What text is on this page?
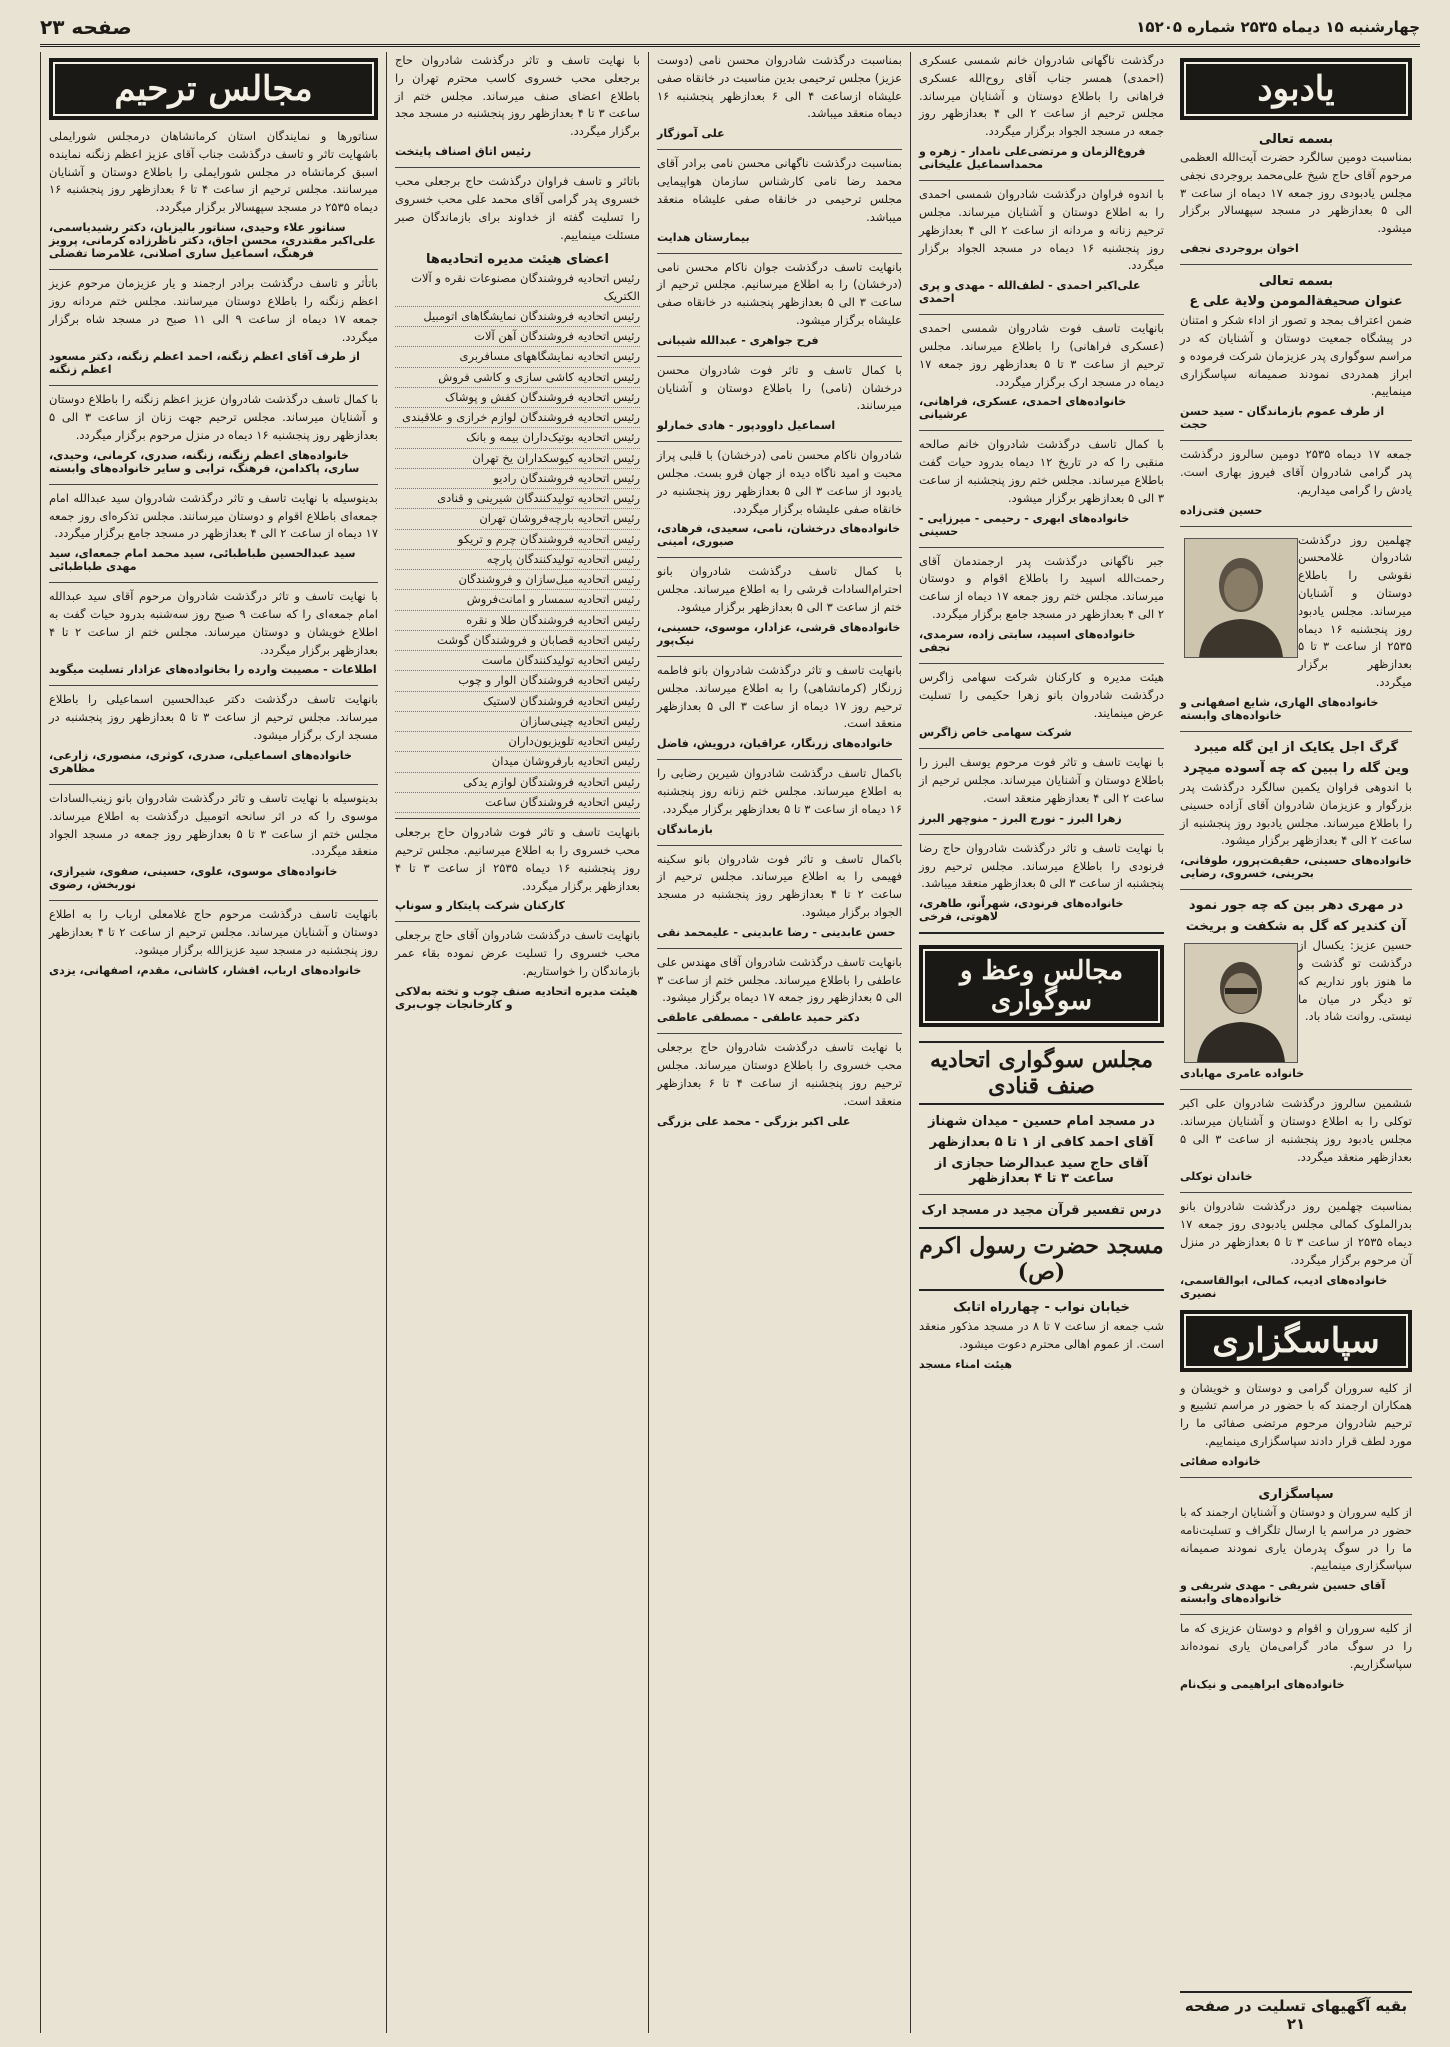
چهارشنبه ۱۵ دیماه ۲۵۳۵ شماره ۱۵۲۰۵
صفحه ۲۳
مجالس ترحیم

سناتورها و نمایندگان استان کرمانشاهان درمجلس شورایملی باشهایت تاثر و تاسف درگذشت جناب آقای عزیز اعظم زنگنه نماینده اسبق کرمانشاه در مجلس شورایملی را باطلاع دوستان و آشنایان میرسانند. مجلس ترحیم از ساعت ۴ تا ۶ بعدازظهر روز پنجشنبه ۱۶ دیماه ۲۵۳۵ در مسجد سپهسالار برگزار میگردد.

سناتور علاء وحیدی، سناتور بالیزبان، دکتر رشیدیاسمی، علی‌اکبر مقتدری، محسن اجاق، دکتر ناظرزاده کرمانی، پرویز فرهنگ، اسماعیل ساری اصلانی، غلامرضا تفضلی

باتأثر و تاسف درگذشت برادر ارجمند و یار عزیزمان مرحوم عزیز اعظم زنگنه را باطلاع دوستان میرسانند. مجلس ختم مردانه روز جمعه ۱۷ دیماه از ساعت ۹ الی ۱۱ صبح در مسجد شاه برگزار میگردد.

از طرف آقای اعظم زنگنه، احمد اعظم زنگنه، دکتر مسعود اعظم زنگنه

با کمال تاسف درگذشت شادروان عزیز اعظم زنگنه را باطلاع دوستان و آشنایان میرساند. مجلس ترحیم جهت زنان از ساعت ۳ الی ۵ بعدازظهر روز پنجشنبه ۱۶ دیماه در منزل مرحوم برگزار میگردد.

خانواده‌های اعظم زنگنه، زنگنه، صدری، کرمانی، وحیدی، ساری، پاکدامن، فرهنگ، ترابی و سایر خانواده‌های وابسته

بدینوسیله با نهایت تاسف و تاثر درگذشت شادروان سید عبدالله امام جمعه‌ای باطلاع اقوام و دوستان میرسانند. مجلس تذکره‌ای روز جمعه ۱۷ دیماه از ساعت ۲ الی ۴ بعدازظهر در مسجد جامع برگزار میگردد.

سید عبدالحسین طباطبائی، سید محمد امام جمعه‌ای، سید مهدی طباطبائی

با نهایت تاسف و تاثر درگذشت شادروان مرحوم آقای سید عبدالله امام جمعه‌ای را که ساعت ۹ صبح روز سه‌شنبه بدرود حیات گفت به اطلاع خویشان و دوستان میرساند. مجلس ختم از ساعت ۲ تا ۴ بعدازظهر برگزار میگردد.

اطلاعات - مصیبت وارده را بخانواده‌های عزادار تسلیت میگوید

بانهایت تاسف درگذشت دکتر عبدالحسین اسماعیلی را باطلاع میرساند. مجلس ترحیم از ساعت ۳ تا ۵ بعدازظهر روز پنجشنبه در مسجد ارک برگزار میشود.

خانواده‌های اسماعیلی، صدری، کوثری، منصوری، زارعی، مظاهری

بدینوسیله با نهایت تاسف و تاثر درگذشت شادروان بانو زینب‌السادات موسوی را که در اثر سانحه اتومبیل درگذشت به اطلاع میرساند. مجلس ختم از ساعت ۳ تا ۵ بعدازظهر روز جمعه در مسجد الجواد منعقد میگردد.

خانواده‌های موسوی، علوی، حسینی، صفوی، شیرازی، نوربخش، رضوی

بانهایت تاسف درگذشت مرحوم حاج غلامعلی ارباب را به اطلاع دوستان و آشنایان میرساند. مجلس ترحیم از ساعت ۲ تا ۴ بعدازظهر روز پنجشنبه در مسجد سید عزیزالله برگزار میشود.

خانواده‌های ارباب، افشار، کاشانی، مقدم، اصفهانی، یزدی

با نهایت تاسف و تاثر درگذشت شادروان حاج برجعلی محب خسروی کاسب محترم تهران را باطلاع اعضای صنف میرساند. مجلس ختم از ساعت ۳ تا ۴ بعدازظهر روز پنجشنبه در مسجد مجد برگزار میگردد.

رئیس اتاق اصناف پایتخت

باتاثر و تاسف فراوان درگذشت حاج برجعلی محب خسروی پدر گرامی آقای محمد علی محب خسروی را تسلیت گفته از خداوند برای بازماندگان صبر مسئلت مینماییم.

اعضای هیئت مدیره اتحادیه‌ها
رئیس اتحادیه فروشندگان مصنوعات نقره و آلات الکتریک
رئیس اتحادیه فروشندگان نمایشگاهای اتومبیل
رئیس اتحادیه فروشندگان آهن آلات
رئیس اتحادیه نمایشگاههای مسافربری
رئیس اتحادیه کاشی سازی و کاشی فروش
رئیس اتحادیه فروشندگان کفش و پوشاک
رئیس اتحادیه فروشندگان لوازم خرازی و علاقبندی
رئیس اتحادیه بوتیک‌داران بیمه و بانک
رئیس اتحادیه کیوسکداران یخ تهران
رئیس اتحادیه فروشندگان رادیو
رئیس اتحادیه تولیدکنندگان شیرینی و قنادی
رئیس اتحادیه بارچه‌فروشان تهران
رئیس اتحادیه فروشندگان چرم و تریکو
رئیس اتحادیه تولیدکنندگان پارچه
رئیس اتحادیه مبل‌سازان و فروشندگان
رئیس اتحادیه سمسار و امانت‌فروش
رئیس اتحادیه فروشندگان طلا و نقره
رئیس اتحادیه قصابان و فروشندگان گوشت
رئیس اتحادیه تولیدکنندگان ماست
رئیس اتحادیه فروشندگان الوار و چوب
رئیس اتحادیه فروشندگان لاستیک
رئیس اتحادیه چینی‌سازان
رئیس اتحادیه تلویزیون‌داران
رئیس اتحادیه بارفروشان میدان
رئیس اتحادیه فروشندگان لوازم یدکی
رئیس اتحادیه فروشندگان ساعت

بانهایت تاسف و تاثر فوت شادروان حاج برجعلی محب خسروی را به اطلاع میرسانیم. مجلس ترحیم روز پنجشنبه ۱۶ دیماه ۲۵۳۵ از ساعت ۳ تا ۴ بعدازظهر برگزار میگردد.

کارکنان شرکت پایتکار و سوناپ

بانهایت تاسف درگذشت شادروان آقای حاج برجعلی محب خسروی را تسلیت عرض نموده بقاء عمر بازماندگان را خواستاریم.

هیئت مدیره اتحادیه صنف چوب و تخته به‌لاکی و کارخانجات چوب‌بری

بمناسبت درگذشت شادروان محسن نامی (دوست عزیز) مجلس ترحیمی بدین مناسبت در خانقاه صفی علیشاه ازساعت ۴ الی ۶ بعدازظهر پنجشنبه ۱۶ دیماه منعقد میباشد.

علی آموزگار

بمناسبت درگذشت ناگهانی محسن نامی برادر آقای محمد رضا نامی کارشناس سازمان هواپیمایی مجلس ترحیمی در خانقاه صفی علیشاه منعقد میباشد.

بیمارستان هدایت

بانهایت تاسف درگذشت جوان ناکام محسن نامی (درخشان) را به اطلاع میرسانیم. مجلس ترحیم از ساعت ۳ الی ۵ بعدازظهر پنجشنبه در خانقاه صفی علیشاه برگزار میشود.

فرح جواهری - عبدالله شیبانی

با کمال تاسف و تاثر فوت شادروان محسن درخشان (نامی) را باطلاع دوستان و آشنایان میرسانند.

اسماعیل داوودپور - هادی خمارلو

شادروان ناکام محسن نامی (درخشان) با قلبی پراز محبت و امید ناگاه دیده از جهان فرو بست. مجلس یادبود از ساعت ۳ الی ۵ بعدازظهر روز پنجشنبه در خانقاه صفی علیشاه برگزار میگردد.

خانواده‌های درخشان، نامی، سعیدی، فرهادی، صبوری، امینی

با کمال تاسف درگذشت شادروان بانو احترام‌السادات قرشی را به اطلاع میرساند. مجلس ختم از ساعت ۳ الی ۵ بعدازظهر برگزار میشود.

خانواده‌های قرشی، عزادار، موسوی، حسینی، نیک‌پور

بانهایت تاسف و تاثر درگذشت شادروان بانو فاطمه زرنگار (کرمانشاهی) را به اطلاع میرساند. مجلس ترحیم روز ۱۷ دیماه از ساعت ۳ الی ۵ بعدازظهر منعقد است.

خانواده‌های زرنگار، عراقیان، درویش، فاضل

باکمال تاسف درگذشت شادروان شیرین رضایی را به اطلاع میرساند. مجلس ختم زنانه روز پنجشنبه ۱۶ دیماه از ساعت ۳ تا ۵ بعدازظهر برگزار میگردد.

بازماندگان

باکمال تاسف و تاثر فوت شادروان بانو سکینه فهیمی را به اطلاع میرساند. مجلس ترحیم از ساعت ۲ تا ۴ بعدازظهر روز پنجشنبه در مسجد الجواد برگزار میشود.

حسن عابدینی - رضا عابدینی - علیمحمد نقی

بانهایت تاسف درگذشت شادروان آقای مهندس علی عاطفی را باطلاع میرساند. مجلس ختم از ساعت ۳ الی ۵ بعدازظهر روز جمعه ۱۷ دیماه برگزار میشود.

دکتر حمید عاطفی - مصطفی عاطفی

با نهایت تاسف درگذشت شادروان حاج برجعلی محب خسروی را باطلاع دوستان میرساند. مجلس ترحیم روز پنجشنبه از ساعت ۴ تا ۶ بعدازظهر منعقد است.

علی اکبر بزرگی - محمد علی بزرگی

درگذشت ناگهانی شادروان خانم شمسی عسکری (احمدی) همسر جناب آقای روح‌الله عسکری فراهانی را باطلاع دوستان و آشنایان میرساند. مجلس ترحیم از ساعت ۲ الی ۴ بعدازظهر روز جمعه در مسجد الجواد برگزار میگردد.

فروغ‌الزمان و مرتضی‌علی نامدار - زهره و محمداسماعیل علیخانی

با اندوه فراوان درگذشت شادروان شمسی احمدی را به اطلاع دوستان و آشنایان میرساند. مجلس ترحیم زنانه و مردانه از ساعت ۲ الی ۴ بعدازظهر روز پنجشنبه ۱۶ دیماه در مسجد الجواد برگزار میگردد.

علی‌اکبر احمدی - لطف‌الله - مهدی و پری احمدی

بانهایت تاسف فوت شادروان شمسی احمدی (عسکری فراهانی) را باطلاع میرساند. مجلس ترحیم از ساعت ۳ تا ۵ بعدازظهر روز جمعه ۱۷ دیماه در مسجد ارک برگزار میگردد.

خانواده‌های احمدی، عسکری، فراهانی، عرشیانی

با کمال تاسف درگذشت شادروان خانم صالحه منقبی را که در تاریخ ۱۲ دیماه بدرود حیات گفت باطلاع میرساند. مجلس ختم روز پنجشنبه از ساعت ۳ الی ۵ بعدازظهر برگزار میشود.

خانواده‌های ابهری - رحیمی - میرزایی - حسینی

جبر ناگهانی درگذشت پدر ارجمندمان آقای رحمت‌الله اسپید را باطلاع اقوام و دوستان میرساند. مجلس ختم روز جمعه ۱۷ دیماه از ساعت ۲ الی ۴ بعدازظهر در مسجد جامع برگزار میگردد.

خانواده‌های اسپید، سابتی زاده، سرمدی، نجفی

هیئت مدیره و کارکنان شرکت سهامی زاگرس درگذشت شادروان بانو زهرا حکیمی را تسلیت عرض مینمایند.

شرکت سهامی خاص زاگرس

با نهایت تاسف و تاثر فوت مرحوم یوسف البرز را باطلاع دوستان و آشنایان میرساند. مجلس ترحیم از ساعت ۲ الی ۴ بعدازظهر منعقد است.

زهرا البرز - نورج البرز - منوچهر البرز

با نهایت تاسف و تاثر درگذشت شادروان حاج رضا فرنودی را باطلاع میرساند. مجلس ترحیم روز پنجشنبه از ساعت ۳ الی ۵ بعدازظهر منعقد میباشد.

خانواده‌های فرنودی، شهراّنو، طاهری، لاهوتی، فرخی
مجالس وعظ و سوگواری
مجلس سوگواری اتحادیه صنف قنادی
در مسجد امام حسین - میدان شهناز
آقای احمد کافی از ۱ تا ۵ بعدازظهر
آقای حاج سید عبدالرضا حجازی از ساعت ۳ تا ۴ بعدازظهر
درس تفسیر قرآن مجید در مسجد ارک
مسجد حضرت رسول اکرم (ص)
خیابان نواب - چهارراه اتابک

شب جمعه از ساعت ۷ تا ۸ در مسجد مذکور منعقد است. از عموم اهالی محترم دعوت میشود.

هیئت امناء مسجد
یادبود
بسمه تعالی

بمناسبت دومین سالگرد حضرت آیت‌الله العظمی مرحوم آقای حاج شیخ علی‌محمد بروجردی نجفی مجلس یادبودی روز جمعه ۱۷ دیماه از ساعت ۳ الی ۵ بعدازظهر در مسجد سپهسالار برگزار میشود.

اخوان بروجردی نجفی
بسمه تعالی
عنوان صحیفةالمومن ولایة علی ع

ضمن اعتراف بمجد و تصور از اداء شکر و امتنان در پیشگاه جمعیت دوستان و آشنایان که در مراسم سوگواری پدر عزیزمان شرکت فرموده و ابراز همدردی نمودند صمیمانه سپاسگزاری مینماییم.

از طرف عموم بازماندگان - سید حسن حجت

جمعه ۱۷ دیماه ۲۵۳۵ دومین سالروز درگذشت پدر گرامی شادروان آقای فیروز بهاری است. یادش را گرامی میداریم.

حسین فتی‌زاده

چهلمین روز درگذشت شادروان غلامحسن نقوشی را باطلاع دوستان و آشنایان میرساند. مجلس یادبود روز پنجشنبه ۱۶ دیماه ۲۵۳۵ از ساعت ۳ تا ۵ بعدازظهر برگزار میگردد.

خانواده‌های الهاری، شایع اصفهانی و خانواده‌های وابسته
گرگ اجل یکایک از این گله میبرد
وین گله را ببین که چه آسوده میچرد

با اندوهی فراوان یکمین سالگرد درگذشت پدر بزرگوار و عزیزمان شادروان آقای آزاده حسینی را باطلاع میرساند. مجلس یادبود روز پنجشنبه از ساعت ۲ الی ۴ بعدازظهر برگزار میشود.

خانواده‌های حسینی، حقیقت‌پرور، طوفانی، بحرینی، خسروی، رضایی
در مهری دهر بین که چه جور نمود
آن کندیر که گل به شکفت و بریخت

حسین عزیز: یکسال از درگذشت تو گذشت و ما هنوز باور نداریم که تو دیگر در میان ما نیستی. روانت شاد باد.

خانواده عامری مهابادی

ششمین سالروز درگذشت شادروان علی اکبر توکلی را به اطلاع دوستان و آشنایان میرساند. مجلس یادبود روز پنجشنبه از ساعت ۳ الی ۵ بعدازظهر منعقد میگردد.

خاندان توکلی

بمناسبت چهلمین روز درگذشت شادروان بانو بدرالملوک کمالی مجلس یادبودی روز جمعه ۱۷ دیماه ۲۵۳۵ از ساعت ۳ تا ۵ بعدازظهر در منزل آن مرحوم برگزار میگردد.

خانواده‌های ادیب، کمالی، ابوالقاسمی، نصیری
سپاسگزاری

از کلیه سروران گرامی و دوستان و خویشان و همکاران ارجمند که با حضور در مراسم تشییع و ترحیم شادروان مرحوم مرتضی صفائی ما را مورد لطف قرار دادند سپاسگزاری مینماییم.

خانواده صفائی
سپاسگزاری

از کلیه سروران و دوستان و آشنایان ارجمند که با حضور در مراسم یا ارسال تلگراف و تسلیت‌نامه ما را در سوگ پدرمان یاری نمودند صمیمانه سپاسگزاری مینماییم.

آقای حسین شریفی - مهدی شریفی و خانواده‌های وابسته

از کلیه سروران و اقوام و دوستان عزیزی که ما را در سوگ مادر گرامی‌مان یاری نموده‌اند سپاسگزاریم.

خانواده‌های ابراهیمی و نیک‌نام
بقیه آگهیهای تسلیت در صفحه ۲۱
